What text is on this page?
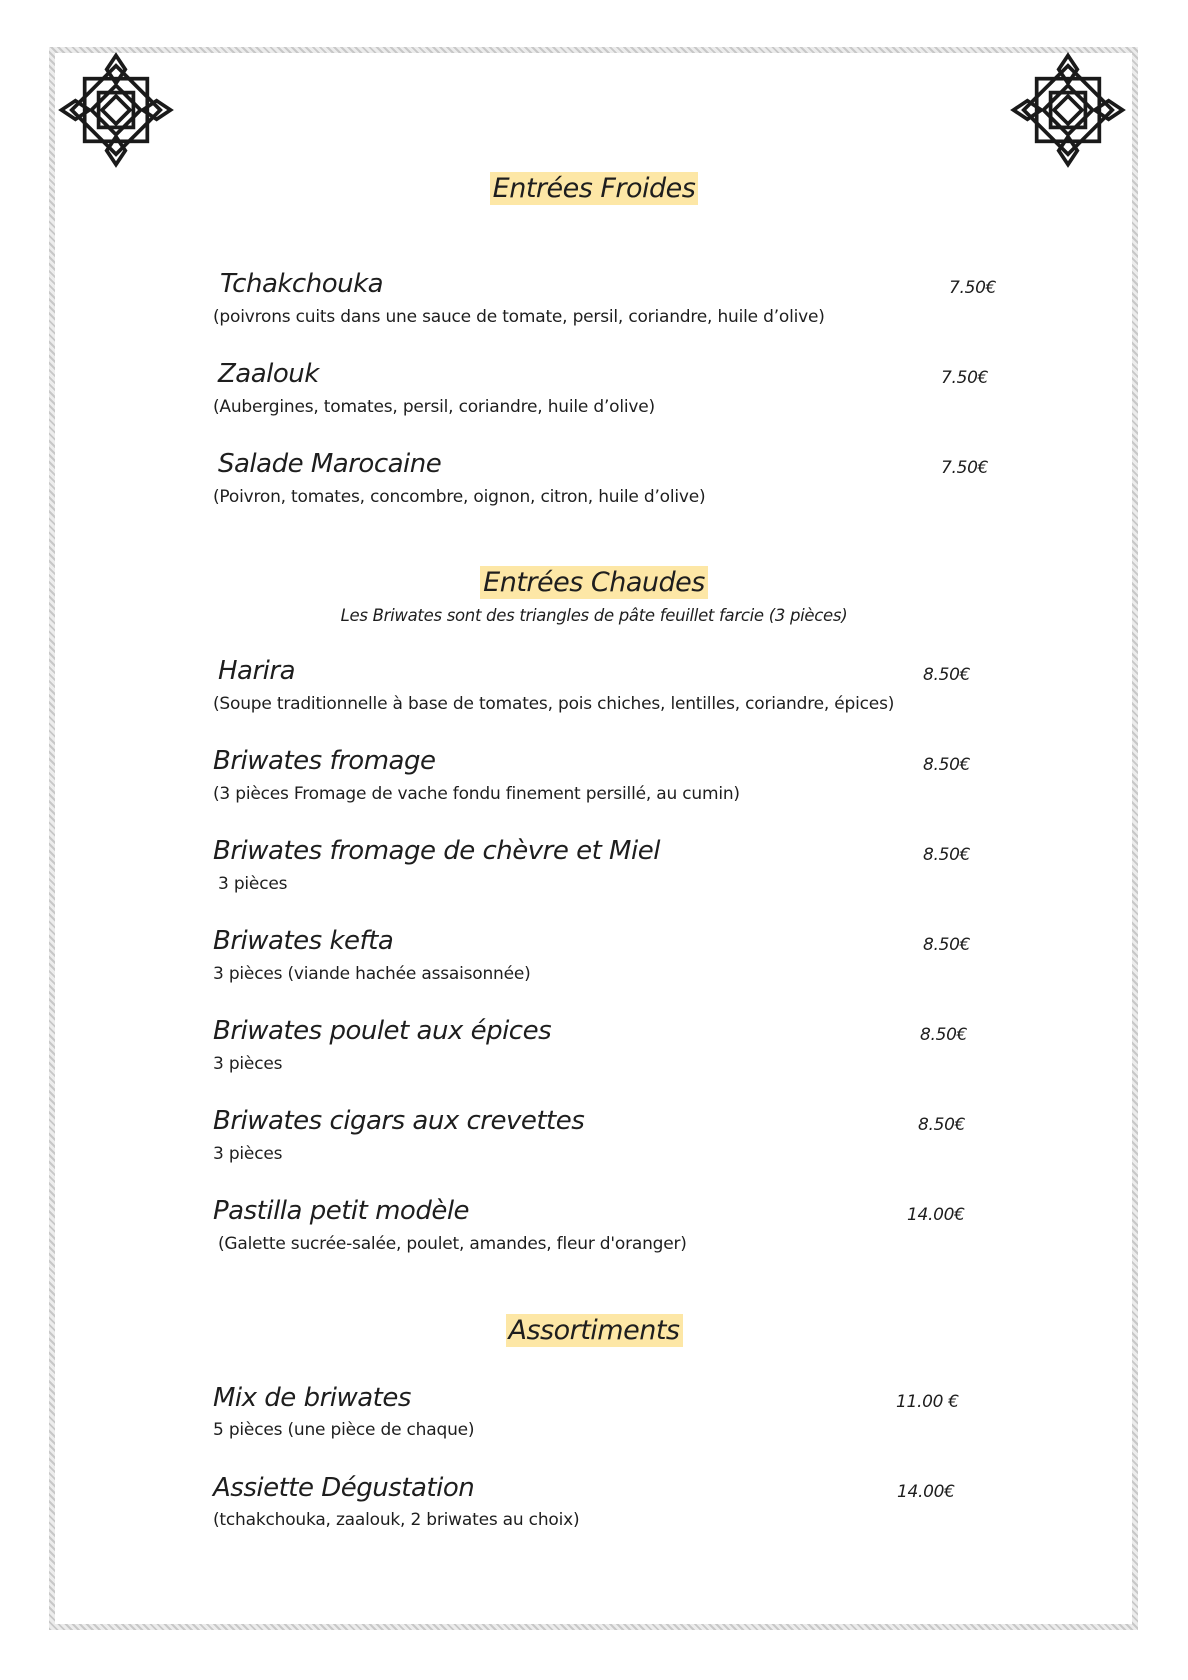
Entrées Froides
Tchakchouka	7.50€
(poivrons cuits dans une sauce de tomate, persil, coriandre, huile d’olive)
Zaalouk	7.50€
(Aubergines, tomates, persil, coriandre, huile d’olive)
Salade Marocaine	7.50€
(Poivron, tomates, concombre, oignon, citron, huile d’olive)
Entrées Chaudes
Les Briwates sont des triangles de pâte feuillet farcie (3 pièces)
Harira	8.50€
(Soupe traditionnelle à base de tomates, pois chiches, lentilles, coriandre, épices)
Briwates fromage	8.50€
(3 pièces Fromage de vache fondu finement persillé, au cumin)
Briwates fromage de chèvre et Miel	8.50€
3 pièces
Briwates kefta	8.50€
3 pièces (viande hachée assaisonnée)
Briwates poulet aux épices	8.50€
3 pièces
Briwates cigars aux crevettes	8.50€
3 pièces
Pastilla petit modèle	14.00€
(Galette sucrée-salée, poulet, amandes, fleur d'oranger)
Assortiments
Mix de briwates	11.00 €
5 pièces (une pièce de chaque)
Assiette Dégustation	14.00€
(tchakchouka, zaalouk, 2 briwates au choix)
